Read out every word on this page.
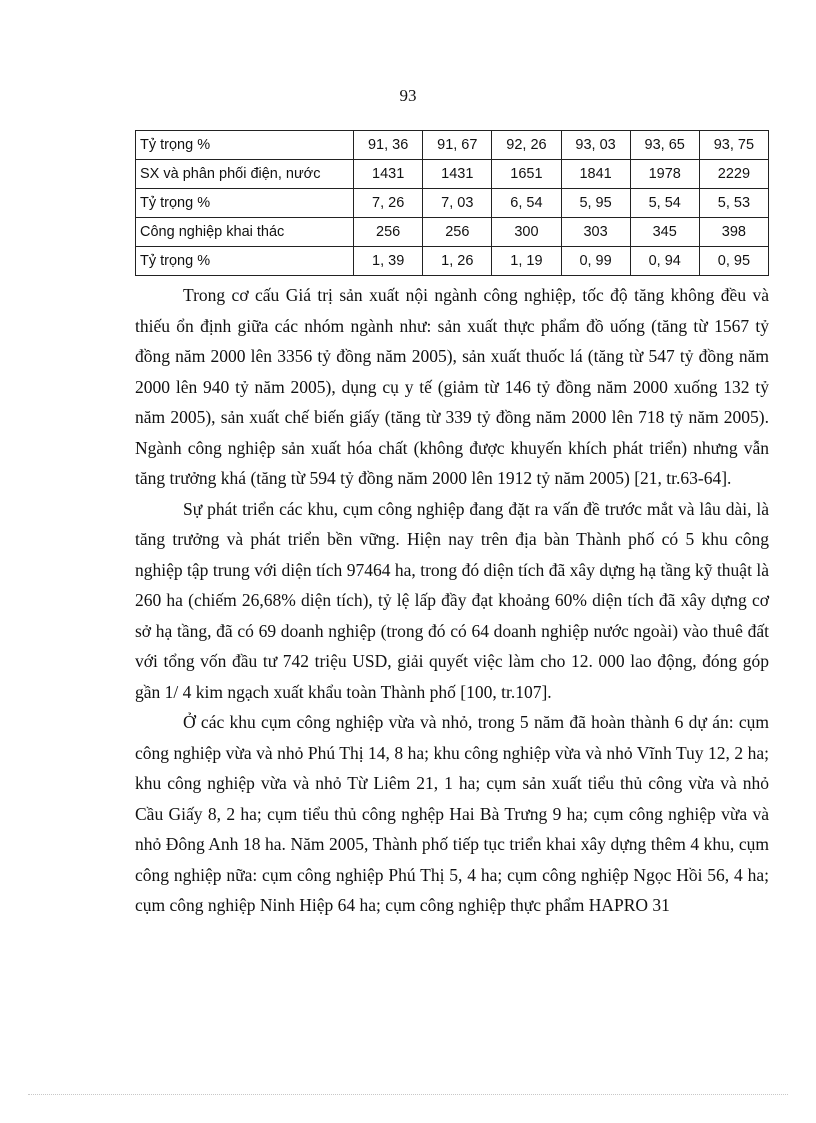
93
Tỷ trọng %	91, 36	91, 67	92, 26	93, 03	93, 65	93, 75
SX và phân phối điện, nước	1431	1431	1651	1841	1978	2229
Tỷ trọng %	7, 26	7, 03	6, 54	5, 95	5, 54	5, 53
Công nghiệp khai thác	256	256	300	303	345	398
Tỷ trọng %	1, 39	1, 26	1, 19	0, 99	0, 94	0, 95

Trong cơ cấu Giá trị sản xuất nội ngành công nghiệp, tốc độ tăng không đều và thiếu ổn định giữa các nhóm ngành như: sản xuất thực phẩm đồ uống (tăng từ 1567 tỷ đồng năm 2000 lên 3356 tỷ đồng năm 2005), sản xuất thuốc lá (tăng từ 547 tỷ đồng năm 2000 lên 940 tỷ năm 2005), dụng cụ y tế (giảm từ 146 tỷ đồng năm 2000 xuống 132 tỷ năm 2005), sản xuất chế biến giấy (tăng từ 339 tỷ đồng năm 2000 lên 718 tỷ năm 2005). Ngành công nghiệp sản xuất hóa chất (không được khuyến khích phát triển) nhưng vẫn tăng trưởng khá (tăng từ 594 tỷ đồng năm 2000 lên 1912 tỷ năm 2005) [21, tr.63-64].

Sự phát triển các khu, cụm công nghiệp đang đặt ra vấn đề trước mắt và lâu dài, là tăng trưởng và phát triển bền vững. Hiện nay trên địa bàn Thành phố có 5 khu công nghiệp tập trung với diện tích 97464 ha, trong đó diện tích đã xây dựng hạ tầng kỹ thuật là 260 ha (chiếm 26,68% diện tích), tỷ lệ lấp đầy đạt khoảng 60% diện tích đã xây dựng cơ sở hạ tầng, đã có 69 doanh nghiệp (trong đó có 64 doanh nghiệp nước ngoài) vào thuê đất với tổng vốn đầu tư 742 triệu USD, giải quyết việc làm cho 12. 000 lao động, đóng góp gần 1/ 4 kim ngạch xuất khẩu toàn Thành phố [100, tr.107].

Ở các khu cụm công nghiệp vừa và nhỏ, trong 5 năm đã hoàn thành 6 dự án: cụm công nghiệp vừa và nhỏ Phú Thị 14, 8 ha; khu công nghiệp vừa và nhỏ Vĩnh Tuy 12, 2 ha; khu công nghiệp vừa và nhỏ Từ Liêm 21, 1 ha; cụm sản xuất tiểu thủ công vừa và nhỏ Cầu Giấy 8, 2 ha; cụm tiểu thủ công nghệp Hai Bà Trưng 9 ha; cụm công nghiệp vừa và nhỏ Đông Anh 18 ha. Năm 2005, Thành phố tiếp tục triển khai xây dựng thêm 4 khu, cụm công nghiệp nữa: cụm công nghiệp Phú Thị 5, 4 ha; cụm công nghiệp Ngọc Hồi 56, 4 ha; cụm công nghiệp Ninh Hiệp 64 ha; cụm công nghiệp thực phẩm HAPRO 31
